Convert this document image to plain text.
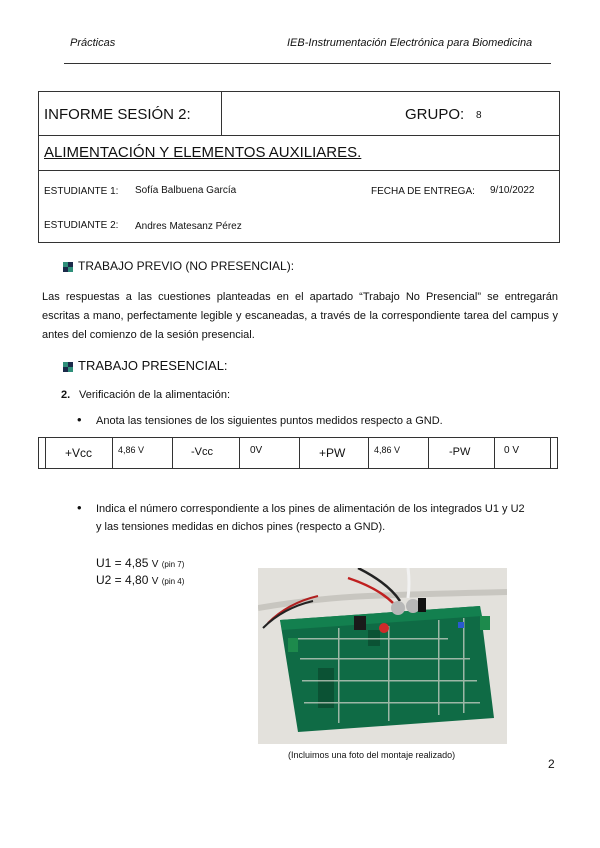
Prácticas	IEB-Instrumentación Electrónica para Biomedicina
INFORME SESIÓN 2:	GRUPO: 8
ALIMENTACIÓN Y ELEMENTOS AUXILIARES.
ESTUDIANTE 1: Sofía Balbuena García	FECHA DE ENTREGA: 9/10/2022
ESTUDIANTE 2: Andres Matesanz Pérez
TRABAJO PREVIO (NO PRESENCIAL):
Las respuestas a las cuestiones planteadas en el apartado “Trabajo No Presencial” se entregarán escritas a mano, perfectamente legible y escaneadas, a través de la correspondiente tarea del campus y antes del comienzo de la sesión presencial.
TRABAJO PRESENCIAL:
2. Verificación de la alimentación:
• Anota las tensiones de los siguientes puntos medidos respecto a GND.
+Vcc	4,86 V	-Vcc	0V	+PW	4,86 V	-PW	0 V
• Indica el número correspondiente a los pines de alimentación de los integrados U1 y U2
y las tensiones medidas en dichos pines (respecto a GND).
U1 = 4,85 V (pin 7)
U2 = 4,80 V (pin 4)
(Incluimos una foto del montaje realizado)
2
